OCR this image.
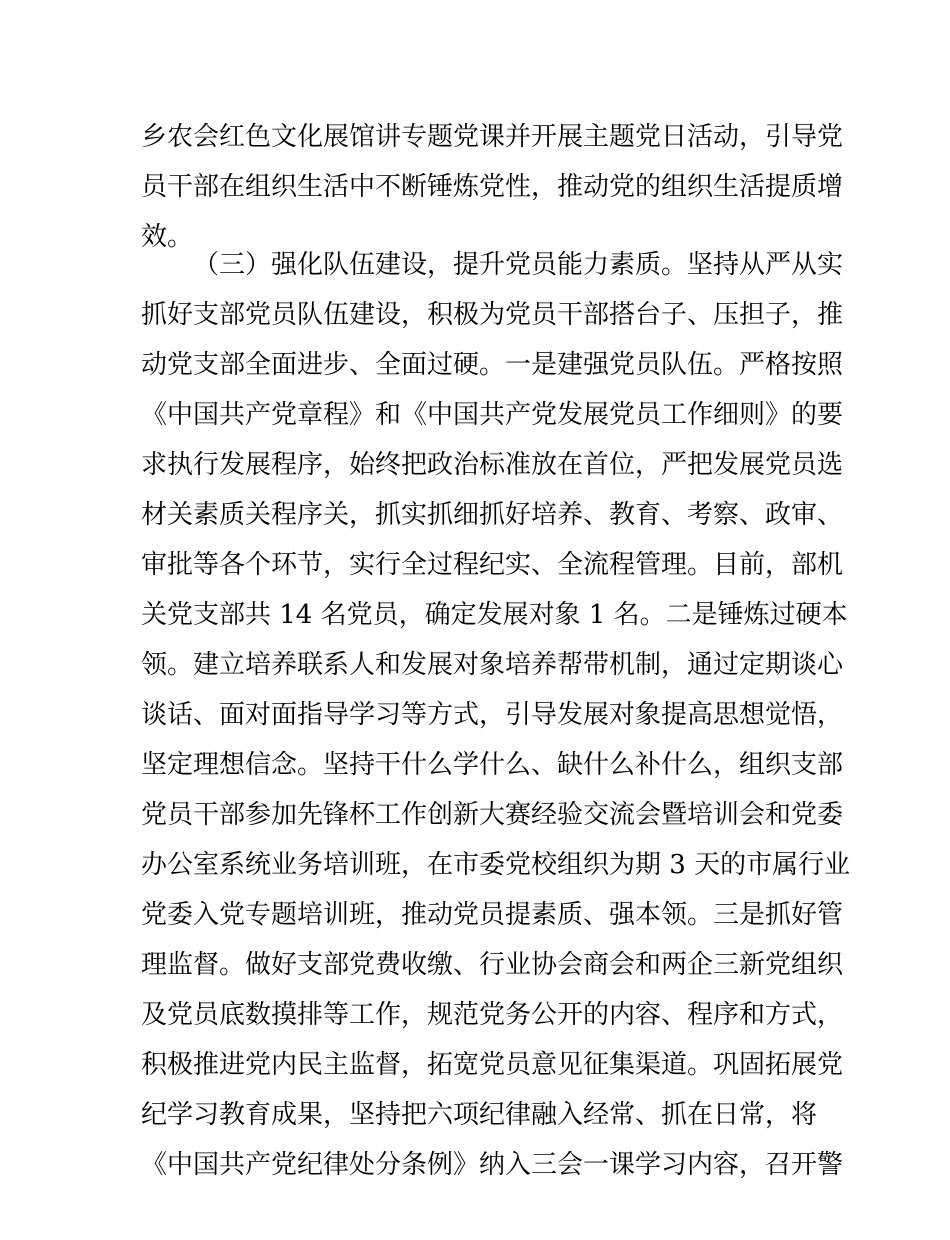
乡农会红色文化展馆讲专题党课并开展主题党日活动，引导党
员干部在组织生活中不断锤炼党性，推动党的组织生活提质增
效。
（三）强化队伍建设，提升党员能力素质。坚持从严从实
抓好支部党员队伍建设，积极为党员干部搭台子、压担子，推
动党支部全面进步、全面过硬。一是建强党员队伍。严格按照
《中国共产党章程》和《中国共产党发展党员工作细则》的要
求执行发展程序，始终把政治标准放在首位，严把发展党员选
材关素质关程序关，抓实抓细抓好培养、教育、考察、政审、
审批等各个环节，实行全过程纪实、全流程管理。目前，部机
关党支部共 14 名党员，确定发展对象 1 名。二是锤炼过硬本
领。建立培养联系人和发展对象培养帮带机制，通过定期谈心
谈话、面对面指导学习等方式，引导发展对象提高思想觉悟，
坚定理想信念。坚持干什么学什么、缺什么补什么，组织支部
党员干部参加先锋杯工作创新大赛经验交流会暨培训会和党委
办公室系统业务培训班，在市委党校组织为期 3 天的市属行业
党委入党专题培训班，推动党员提素质、强本领。三是抓好管
理监督。做好支部党费收缴、行业协会商会和两企三新党组织
及党员底数摸排等工作，规范党务公开的内容、程序和方式，
积极推进党内民主监督，拓宽党员意见征集渠道。巩固拓展党
纪学习教育成果，坚持把六项纪律融入经常、抓在日常，将
《中国共产党纪律处分条例》纳入三会一课学习内容，召开警
